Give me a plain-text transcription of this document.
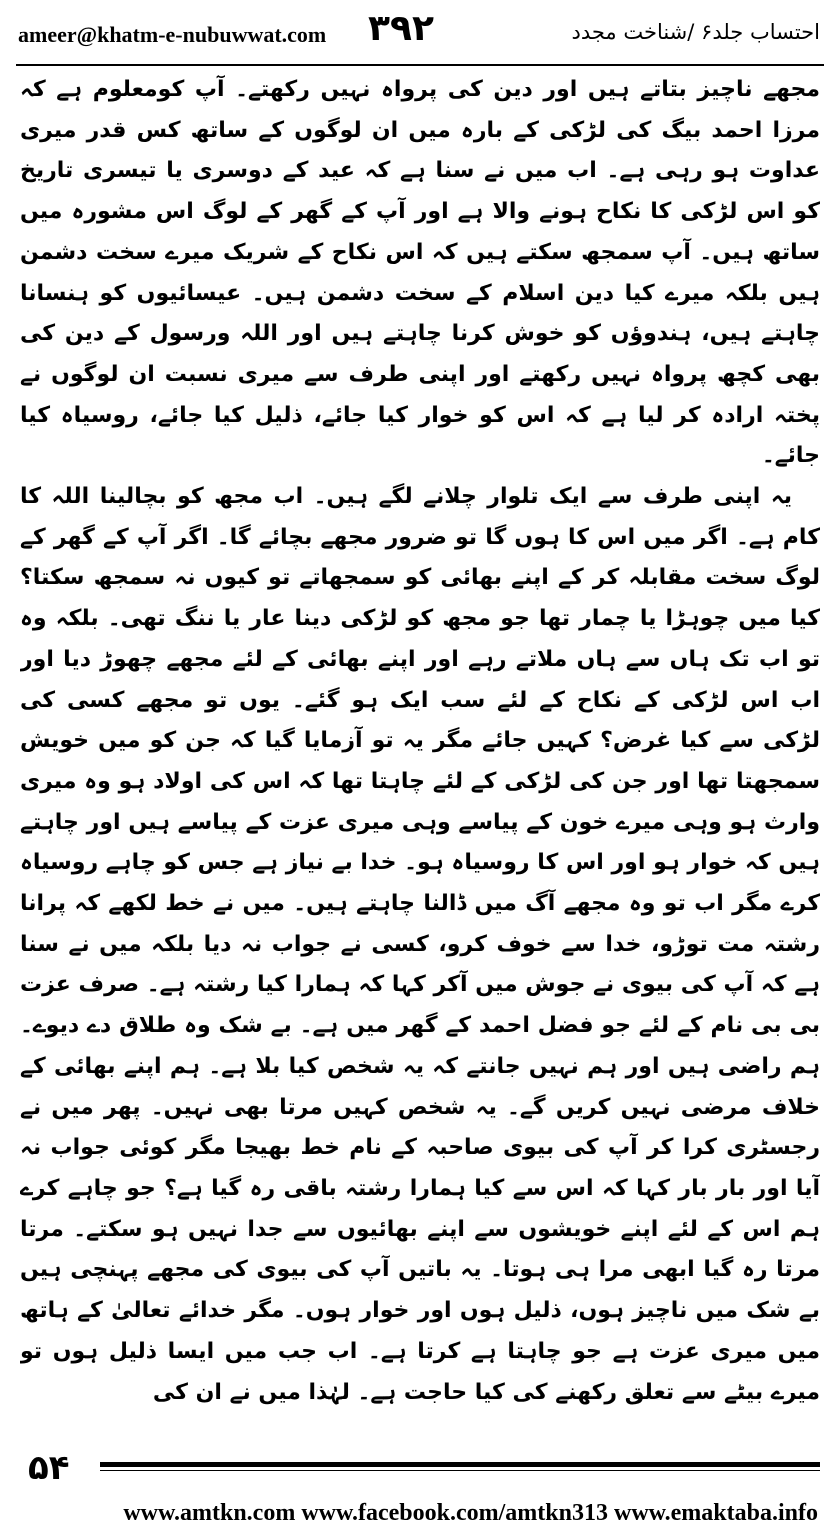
ameer@khatm-e-nubuwwat.com ۳۹۲	احتساب جلد۶ /شناخت مجدد

مجھے ناچیز بتاتے ہیں اور دین کی پرواہ نہیں رکھتے۔ آپ کومعلوم ہے کہ مرزا احمد بیگ کی لڑکی کے بارہ میں ان لوگوں کے ساتھ کس قدر میری عداوت ہو رہی ہے۔ اب میں نے سنا ہے کہ عید کے دوسری یا تیسری تاریخ کو اس لڑکی کا نکاح ہونے والا ہے اور آپ کے گھر کے لوگ اس مشورہ میں ساتھ ہیں۔ آپ سمجھ سکتے ہیں کہ اس نکاح کے شریک میرے سخت دشمن ہیں بلکہ میرے کیا دین اسلام کے سخت دشمن ہیں۔ عیسائیوں کو ہنسانا چاہتے ہیں، ہندوؤں کو خوش کرنا چاہتے ہیں اور اللہ ورسول کے دین کی بھی کچھ پرواہ نہیں رکھتے اور اپنی طرف سے میری نسبت ان لوگوں نے پختہ ارادہ کر لیا ہے کہ اس کو خوار کیا جائے، ذلیل کیا جائے، روسیاہ کیا جائے۔

یہ اپنی طرف سے ایک تلوار چلانے لگے ہیں۔ اب مجھ کو بچالینا اللہ کا کام ہے۔ اگر میں اس کا ہوں گا تو ضرور مجھے بچائے گا۔ اگر آپ کے گھر کے لوگ سخت مقابلہ کر کے اپنے بھائی کو سمجھاتے تو کیوں نہ سمجھ سکتا؟ کیا میں چوہڑا یا چمار تھا جو مجھ کو لڑکی دینا عار یا ننگ تھی۔ بلکہ وہ تو اب تک ہاں سے ہاں ملاتے رہے اور اپنے بھائی کے لئے مجھے چھوڑ دیا اور اب اس لڑکی کے نکاح کے لئے سب ایک ہو گئے۔ یوں تو مجھے کسی کی لڑکی سے کیا غرض؟ کہیں جائے مگر یہ تو آزمایا گیا کہ جن کو میں خویش سمجھتا تھا اور جن کی لڑکی کے لئے چاہتا تھا کہ اس کی اولاد ہو وہ میری وارث ہو وہی میرے خون کے پیاسے وہی میری عزت کے پیاسے ہیں اور چاہتے ہیں کہ خوار ہو اور اس کا روسیاہ ہو۔ خدا بے نیاز ہے جس کو چاہے روسیاہ کرے مگر اب تو وہ مجھے آگ میں ڈالنا چاہتے ہیں۔ میں نے خط لکھے کہ پرانا رشتہ مت توڑو، خدا سے خوف کرو، کسی نے جواب نہ دیا بلکہ میں نے سنا ہے کہ آپ کی بیوی نے جوش میں آکر کہا کہ ہمارا کیا رشتہ ہے۔ صرف عزت بی بی نام کے لئے جو فضل احمد کے گھر میں ہے۔ بے شک وہ طلاق دے دیوے۔ ہم راضی ہیں اور ہم نہیں جانتے کہ یہ شخص کیا بلا ہے۔ ہم اپنے بھائی کے خلاف مرضی نہیں کریں گے۔ یہ شخص کہیں مرتا بھی نہیں۔ پھر میں نے رجسٹری کرا کر آپ کی بیوی صاحبہ کے نام خط بھیجا مگر کوئی جواب نہ آیا اور بار بار کہا کہ اس سے کیا ہمارا رشتہ باقی رہ گیا ہے؟ جو چاہے کرے ہم اس کے لئے اپنے خویشوں سے اپنے بھائیوں سے جدا نہیں ہو سکتے۔ مرتا مرتا رہ گیا ابھی مرا ہی ہوتا۔ یہ باتیں آپ کی بیوی کی مجھے پہنچی ہیں بے شک میں ناچیز ہوں، ذلیل ہوں اور خوار ہوں۔ مگر خدائے تعالیٰ کے ہاتھ میں میری عزت ہے جو چاہتا ہے کرتا ہے۔ اب جب میں ایسا ذلیل ہوں تو میرے بیٹے سے تعلق رکھنے کی کیا حاجت ہے۔ لہٰذا میں نے ان کی

۵۴
www.amtkn.com www.facebook.com/amtkn313 www.emaktaba.info
